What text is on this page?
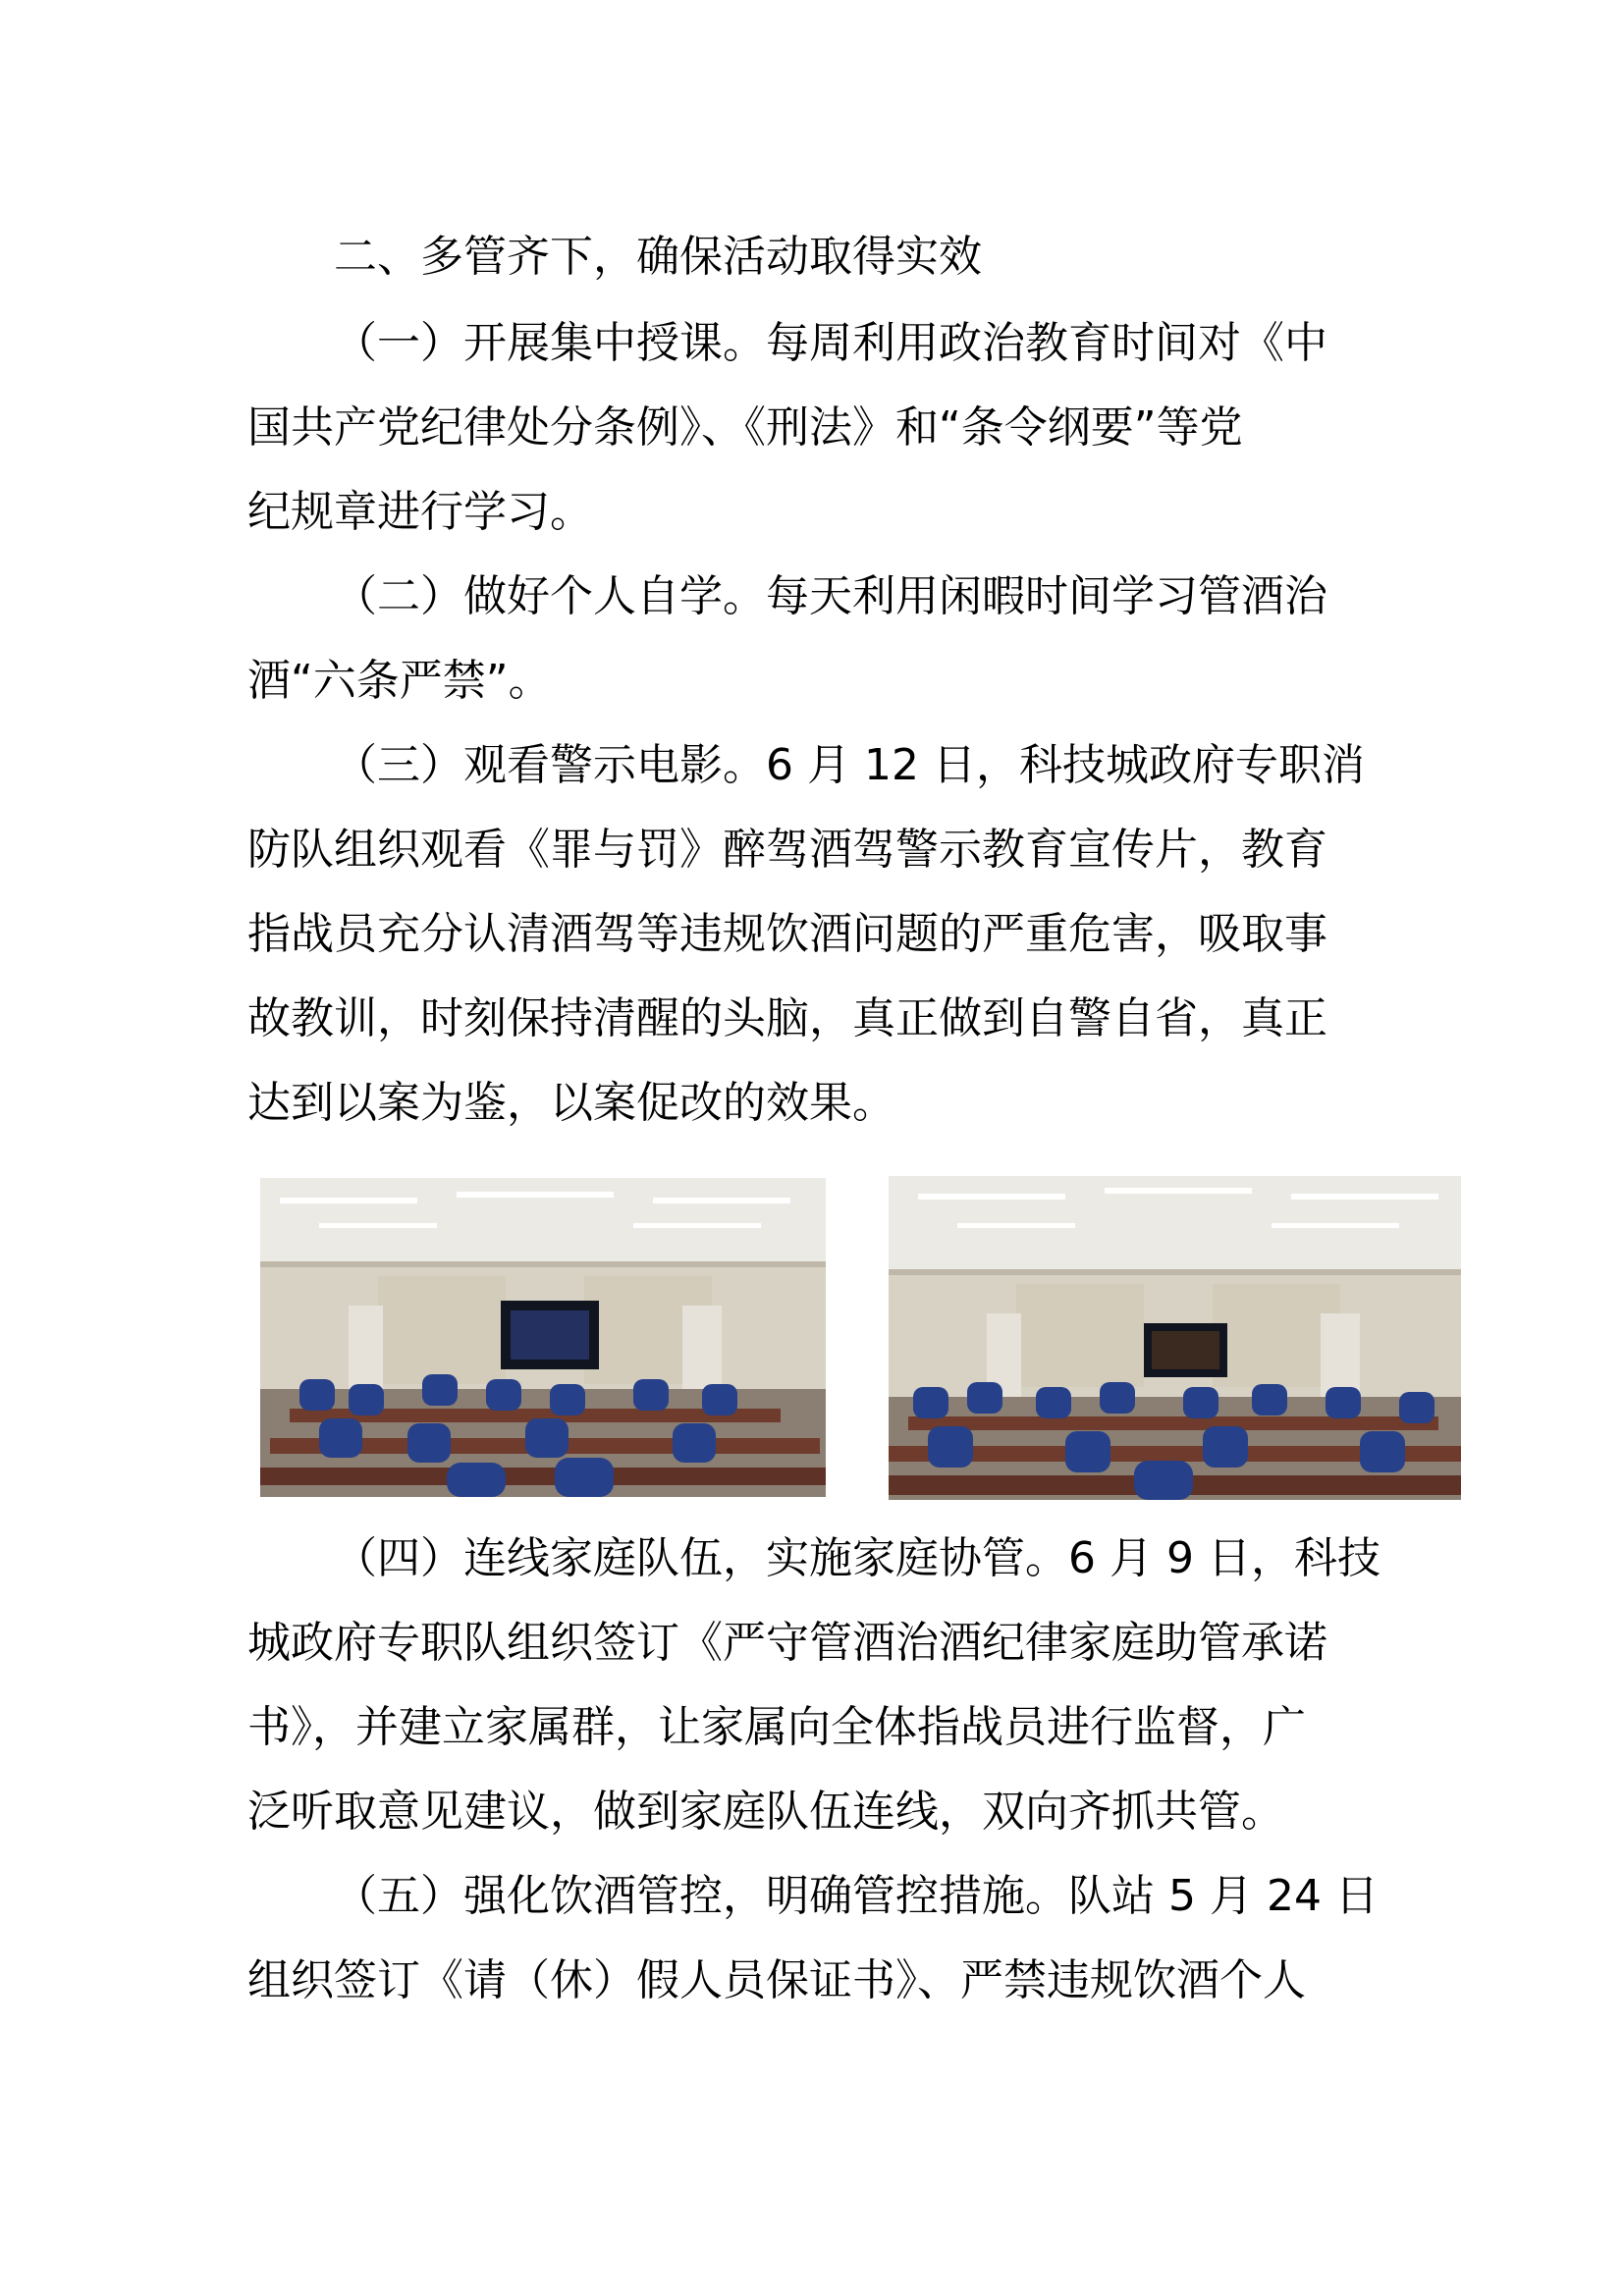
二、多管齐下，确保活动取得实效
（一）开展集中授课。每周利用政治教育时间对《中
国共产党纪律处分条例》、《刑法》和“条令纲要”等党
纪规章进行学习。
（二）做好个人自学。每天利用闲暇时间学习管酒治
酒“六条严禁”。
（三）观看警示电影。6 月 12 日，科技城政府专职消
防队组织观看《罪与罚》醉驾酒驾警示教育宣传片，教育
指战员充分认清酒驾等违规饮酒问题的严重危害，吸取事
故教训，时刻保持清醒的头脑，真正做到自警自省，真正
达到以案为鉴，以案促改的效果。
（四）连线家庭队伍，实施家庭协管。6 月 9 日，科技
城政府专职队组织签订《严守管酒治酒纪律家庭助管承诺
书》，并建立家属群，让家属向全体指战员进行监督，广
泛听取意见建议，做到家庭队伍连线，双向齐抓共管。
（五）强化饮酒管控，明确管控措施。队站 5 月 24 日
组织签订《请（休）假人员保证书》、严禁违规饮酒个人
